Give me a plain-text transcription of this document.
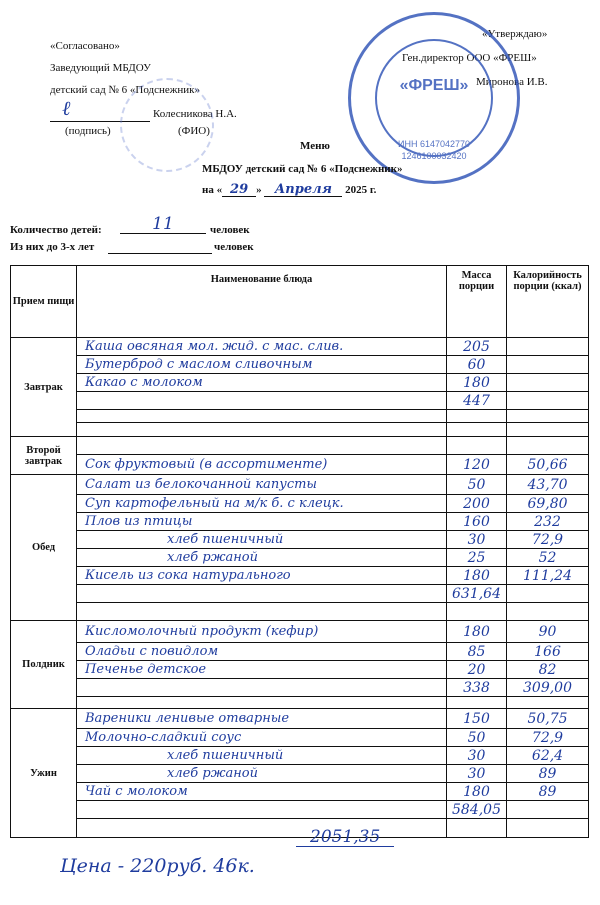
«Согласовано»
Заведующий МБДОУ
детский сад № 6 «Подснежник»
ℓ	Колесникова Н.А.
(подпись)	(ФИО)
«Утверждаю»
Ген.директор ООО «ФРЕШ»
Миронова И.В.
«ФРЕШ»
ИНН 6147042770
1246100032420
Меню
МБДОУ детский сад № 6 «Подснежник»
на « 29 » Апреля 2025 г.
Количество детей:	11	человек
Из них до 3-х лет	человек
Прием пищи	Наименование блюда	Масса порции	Калорийность порции (ккал)
Завтрак	Каша овсяная мол. жид. с мас. слив.	205	

	Бутерброд с маслом сливочным	60	

	Какао с молоком	180	

		447	

Второй завтрак	

	Сок фруктовый (в ассортименте)	120	50,66

Обед	Салат из белокочанной капусты	50	43,70

	Суп картофельный на м/к б. с клецк.	200	69,80

	Плов из птицы	160	232

	хлеб пшеничный	30	72,9

	хлеб ржаной	25	52

	Кисель из сока натурального	180	111,24

		631,64	

Полдник	Кисломолочный продукт (кефир)	180	90

	Оладьи с повидлом	85	166

	Печенье детское	20	82

		338	309,00

Ужин	Вареники ленивые отварные	150	50,75

	Молочно-сладкий соус	50	72,9

	хлеб пшеничный	30	62,4

	хлеб ржаной	30	89

	Чай с молоком	180	89

		584,05	

2051,35
Цена - 220руб. 46к.
